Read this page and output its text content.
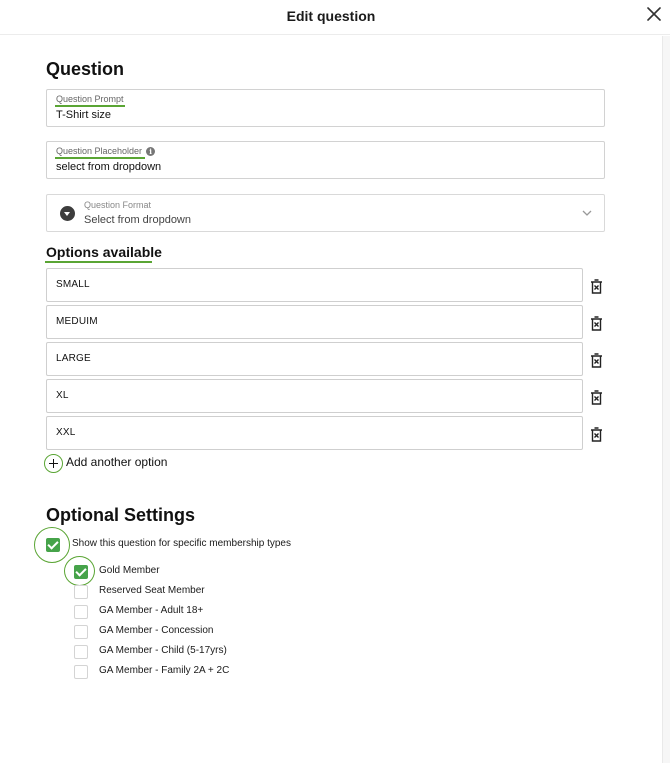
Edit question
Question
Question Prompt
T-Shirt size
Question Placeholder i
select from dropdown
Question Format
Select from dropdown
Options available
SMALL
MEDUIM
LARGE
XL
XXL
Add another option
Optional Settings
Show this question for specific membership types
Gold Member
Reserved Seat Member
GA Member - Adult 18+
GA Member - Concession
GA Member - Child (5-17yrs)
GA Member - Family 2A + 2C
